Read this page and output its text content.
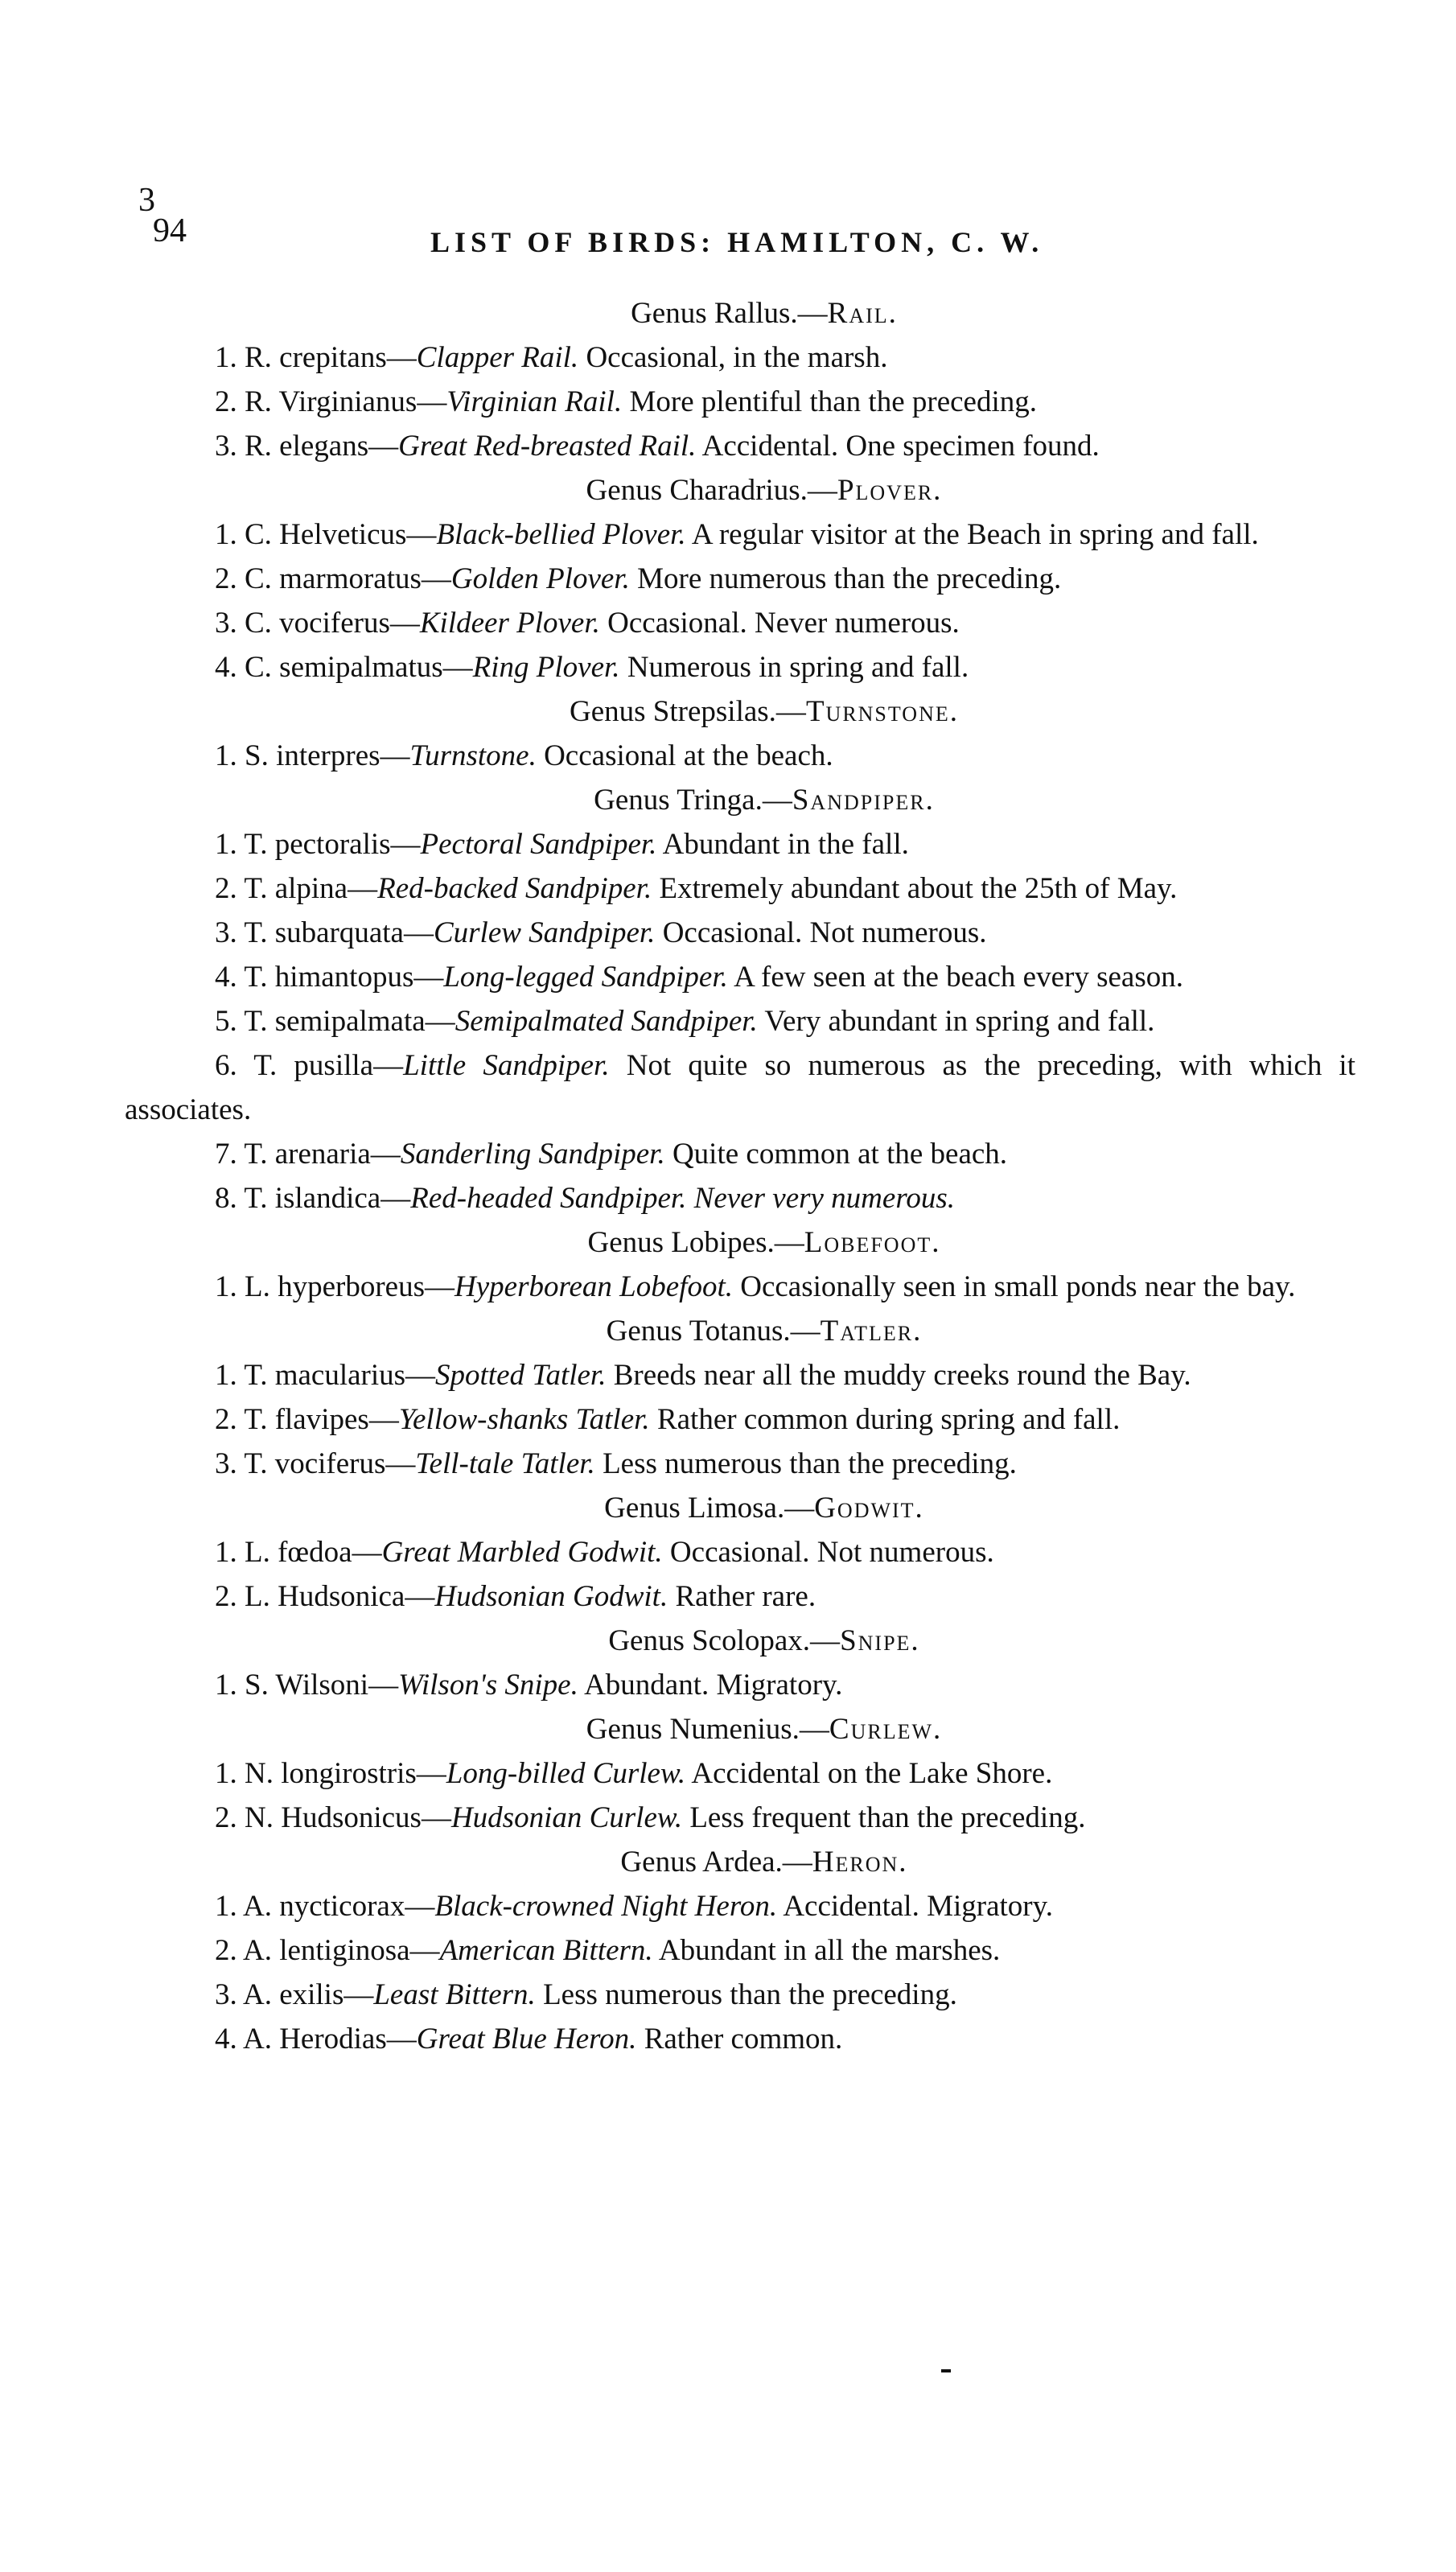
3
94	LIST OF BIRDS: HAMILTON, C. W.
Genus Rallus.—Rail.
1. R. crepitans—Clapper Rail. Occasional, in the marsh.
2. R. Virginianus—Virginian Rail. More plentiful than the preceding.
3. R. elegans—Great Red-breasted Rail. Accidental. One specimen found.
Genus Charadrius.—Plover.
1. C. Helveticus—Black-bellied Plover. A regular visitor at the Beach in spring and fall.
2. C. marmoratus—Golden Plover. More numerous than the preceding.
3. C. vociferus—Kildeer Plover. Occasional. Never numerous.
4. C. semipalmatus—Ring Plover. Numerous in spring and fall.
Genus Strepsilas.—Turnstone.
1. S. interpres—Turnstone. Occasional at the beach.
Genus Tringa.—Sandpiper.
1. T. pectoralis—Pectoral Sandpiper. Abundant in the fall.
2. T. alpina—Red-backed Sandpiper. Extremely abundant about the 25th of May.
3. T. subarquata—Curlew Sandpiper. Occasional. Not numerous.
4. T. himantopus—Long-legged Sandpiper. A few seen at the beach every season.
5. T. semipalmata—Semipalmated Sandpiper. Very abundant in spring and fall.
6. T. pusilla—Little Sandpiper. Not quite so numerous as the preceding, with which it associates.
7. T. arenaria—Sanderling Sandpiper. Quite common at the beach.
8. T. islandica—Red-headed Sandpiper. Never very numerous.
Genus Lobipes.—Lobefoot.
1. L. hyperboreus—Hyperborean Lobefoot. Occasionally seen in small ponds near the bay.
Genus Totanus.—Tatler.
1. T. macularius—Spotted Tatler. Breeds near all the muddy creeks round the Bay.
2. T. flavipes—Yellow-shanks Tatler. Rather common during spring and fall.
3. T. vociferus—Tell-tale Tatler. Less numerous than the preceding.
Genus Limosa.—Godwit.
1. L. fœdoa—Great Marbled Godwit. Occasional. Not numerous.
2. L. Hudsonica—Hudsonian Godwit. Rather rare.
Genus Scolopax.—Snipe.
1. S. Wilsoni—Wilson's Snipe. Abundant. Migratory.
Genus Numenius.—Curlew.
1. N. longirostris—Long-billed Curlew. Accidental on the Lake Shore.
2. N. Hudsonicus—Hudsonian Curlew. Less frequent than the preceding.
Genus Ardea.—Heron.
1. A. nycticorax—Black-crowned Night Heron. Accidental. Migratory.
2. A. lentiginosa—American Bittern. Abundant in all the marshes.
3. A. exilis—Least Bittern. Less numerous than the preceding.
4. A. Herodias—Great Blue Heron. Rather common.
